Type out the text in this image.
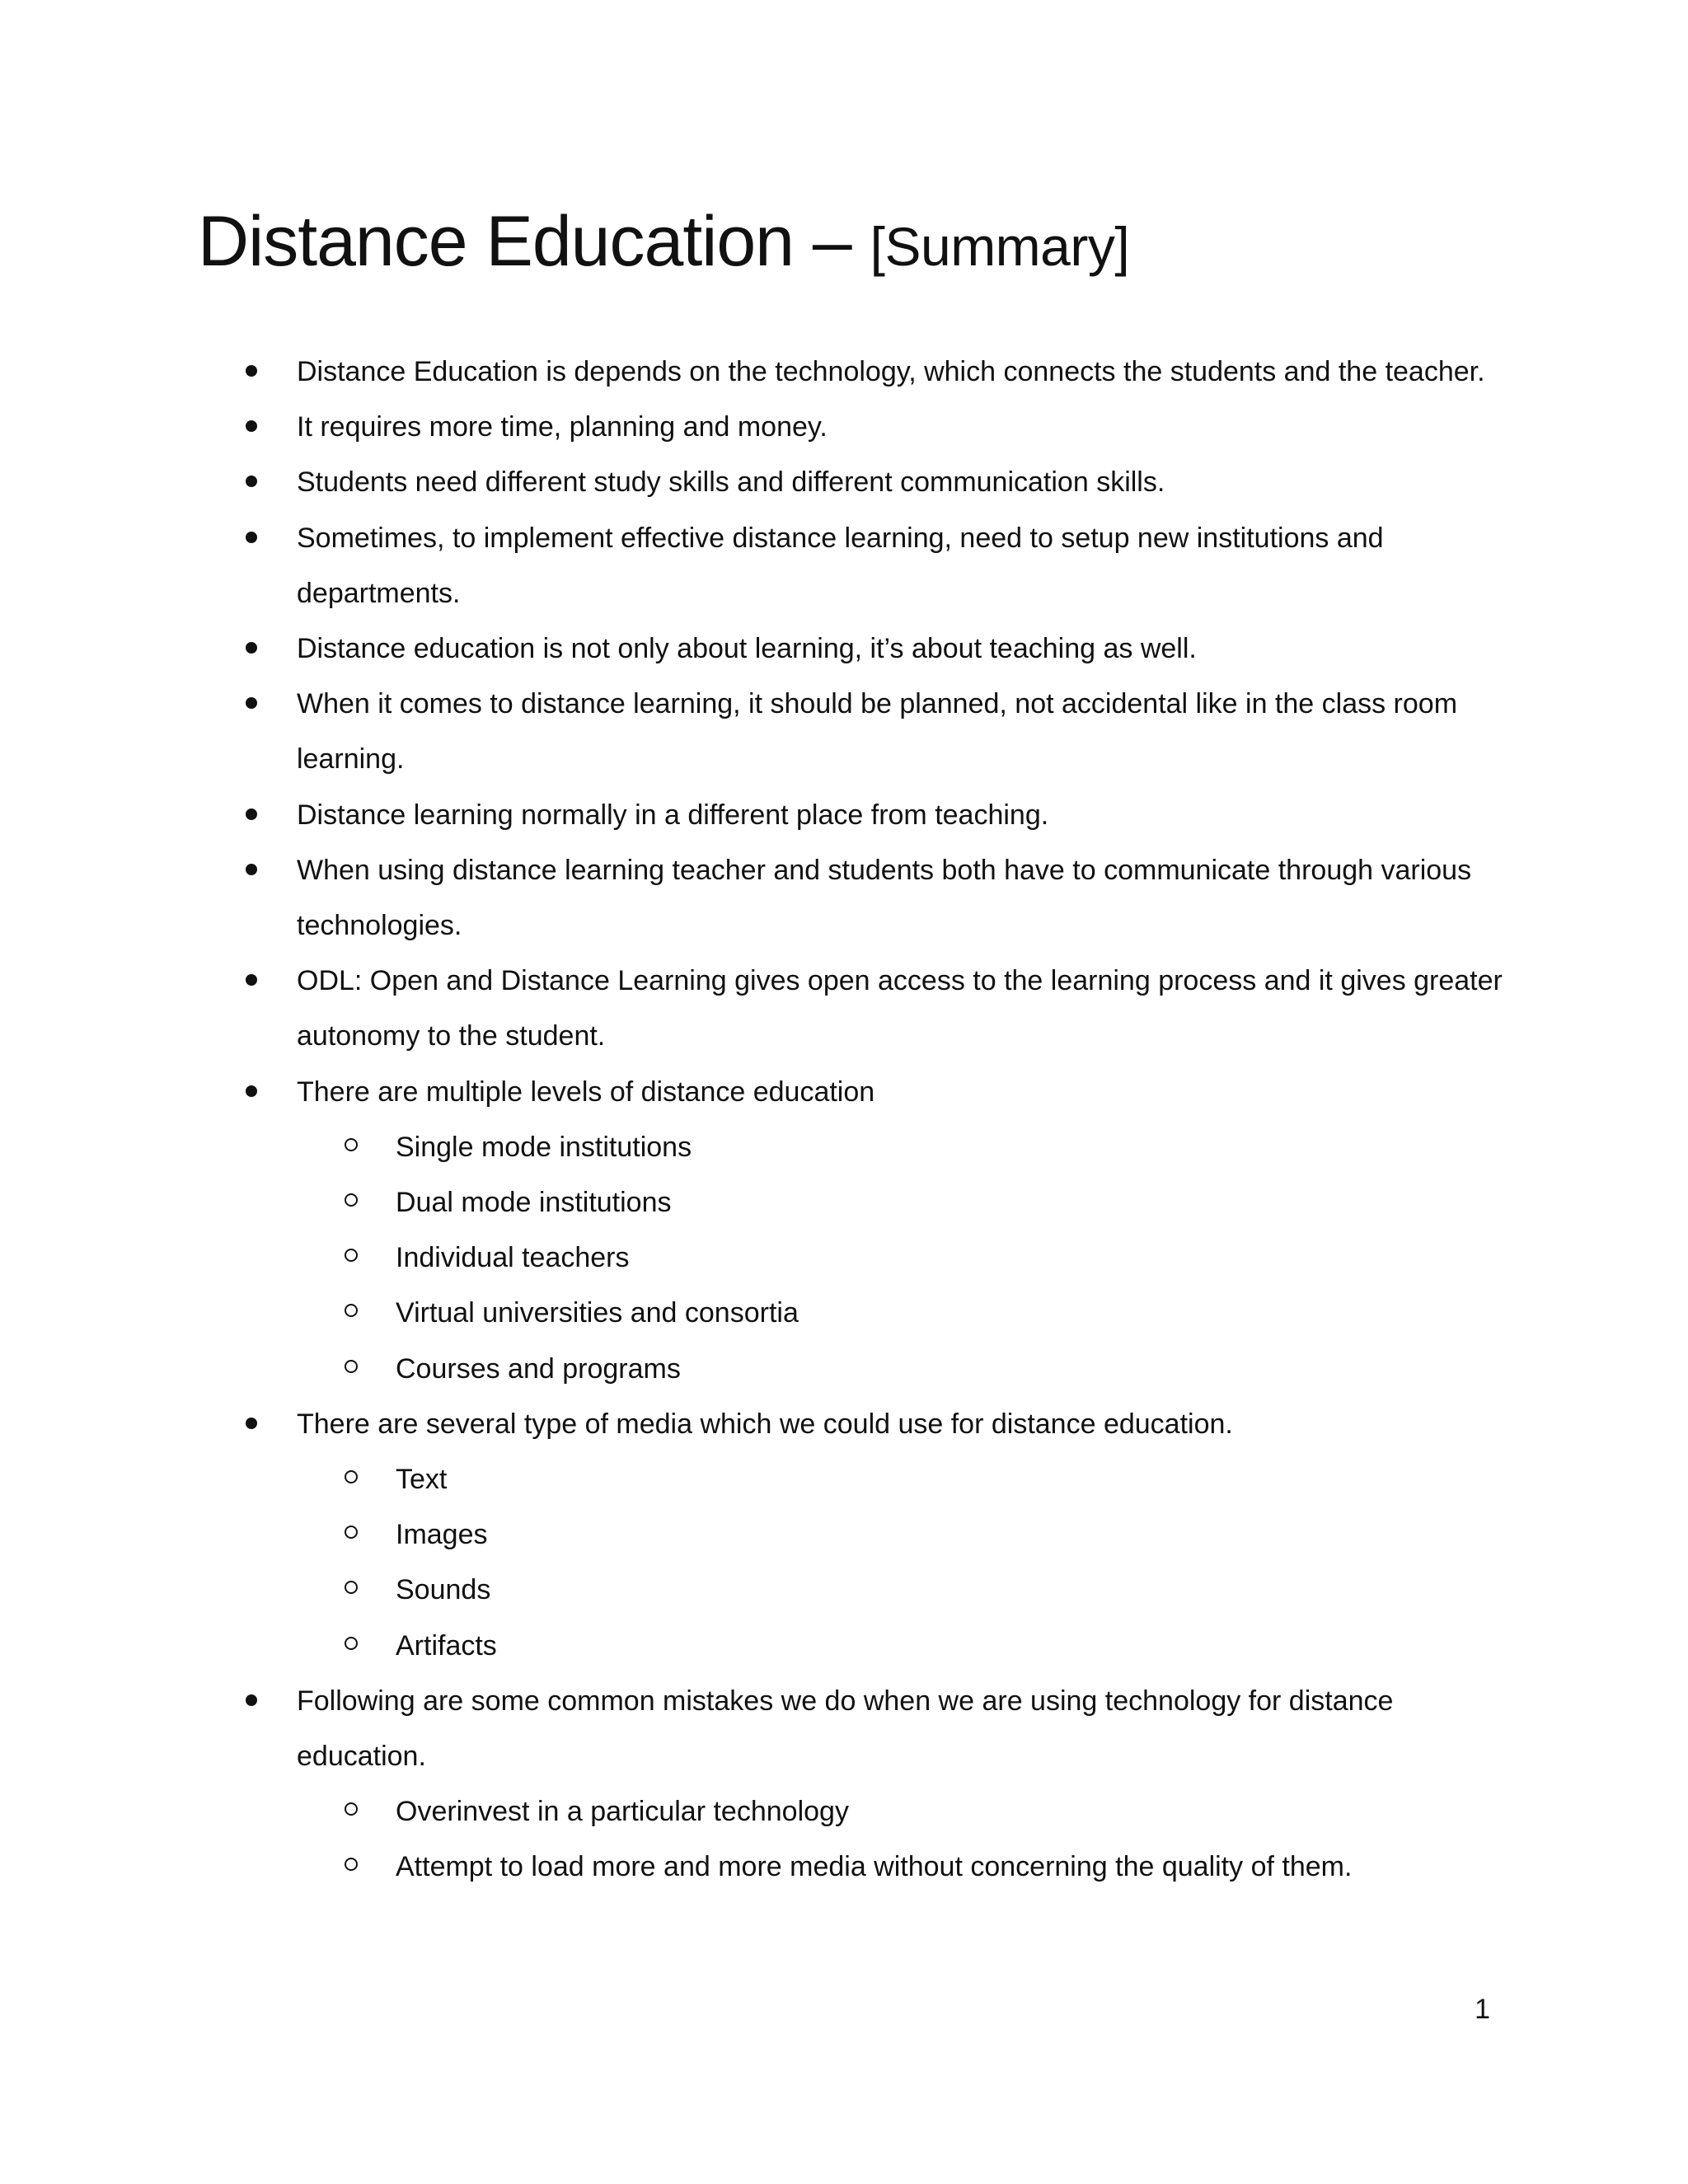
Distance Education – [Summary]
Distance Education is depends on the technology, which connects the students and the teacher.
It requires more time, planning and money.
Students need different study skills and different communication skills.
Sometimes, to implement effective distance learning, need to setup new institutions and
departments.
Distance education is not only about learning, it’s about teaching as well.
When it comes to distance learning, it should be planned, not accidental like in the class room
learning.
Distance learning normally in a different place from teaching.
When using distance learning teacher and students both have to communicate through various
technologies.
ODL: Open and Distance Learning gives open access to the learning process and it gives greater
autonomy to the student.
There are multiple levels of distance education
Single mode institutions
Dual mode institutions
Individual teachers
Virtual universities and consortia
Courses and programs
There are several type of media which we could use for distance education.
Text
Images
Sounds
Artifacts
Following are some common mistakes we do when we are using technology for distance
education.
Overinvest in a particular technology
Attempt to load more and more media without concerning the quality of them.
1
